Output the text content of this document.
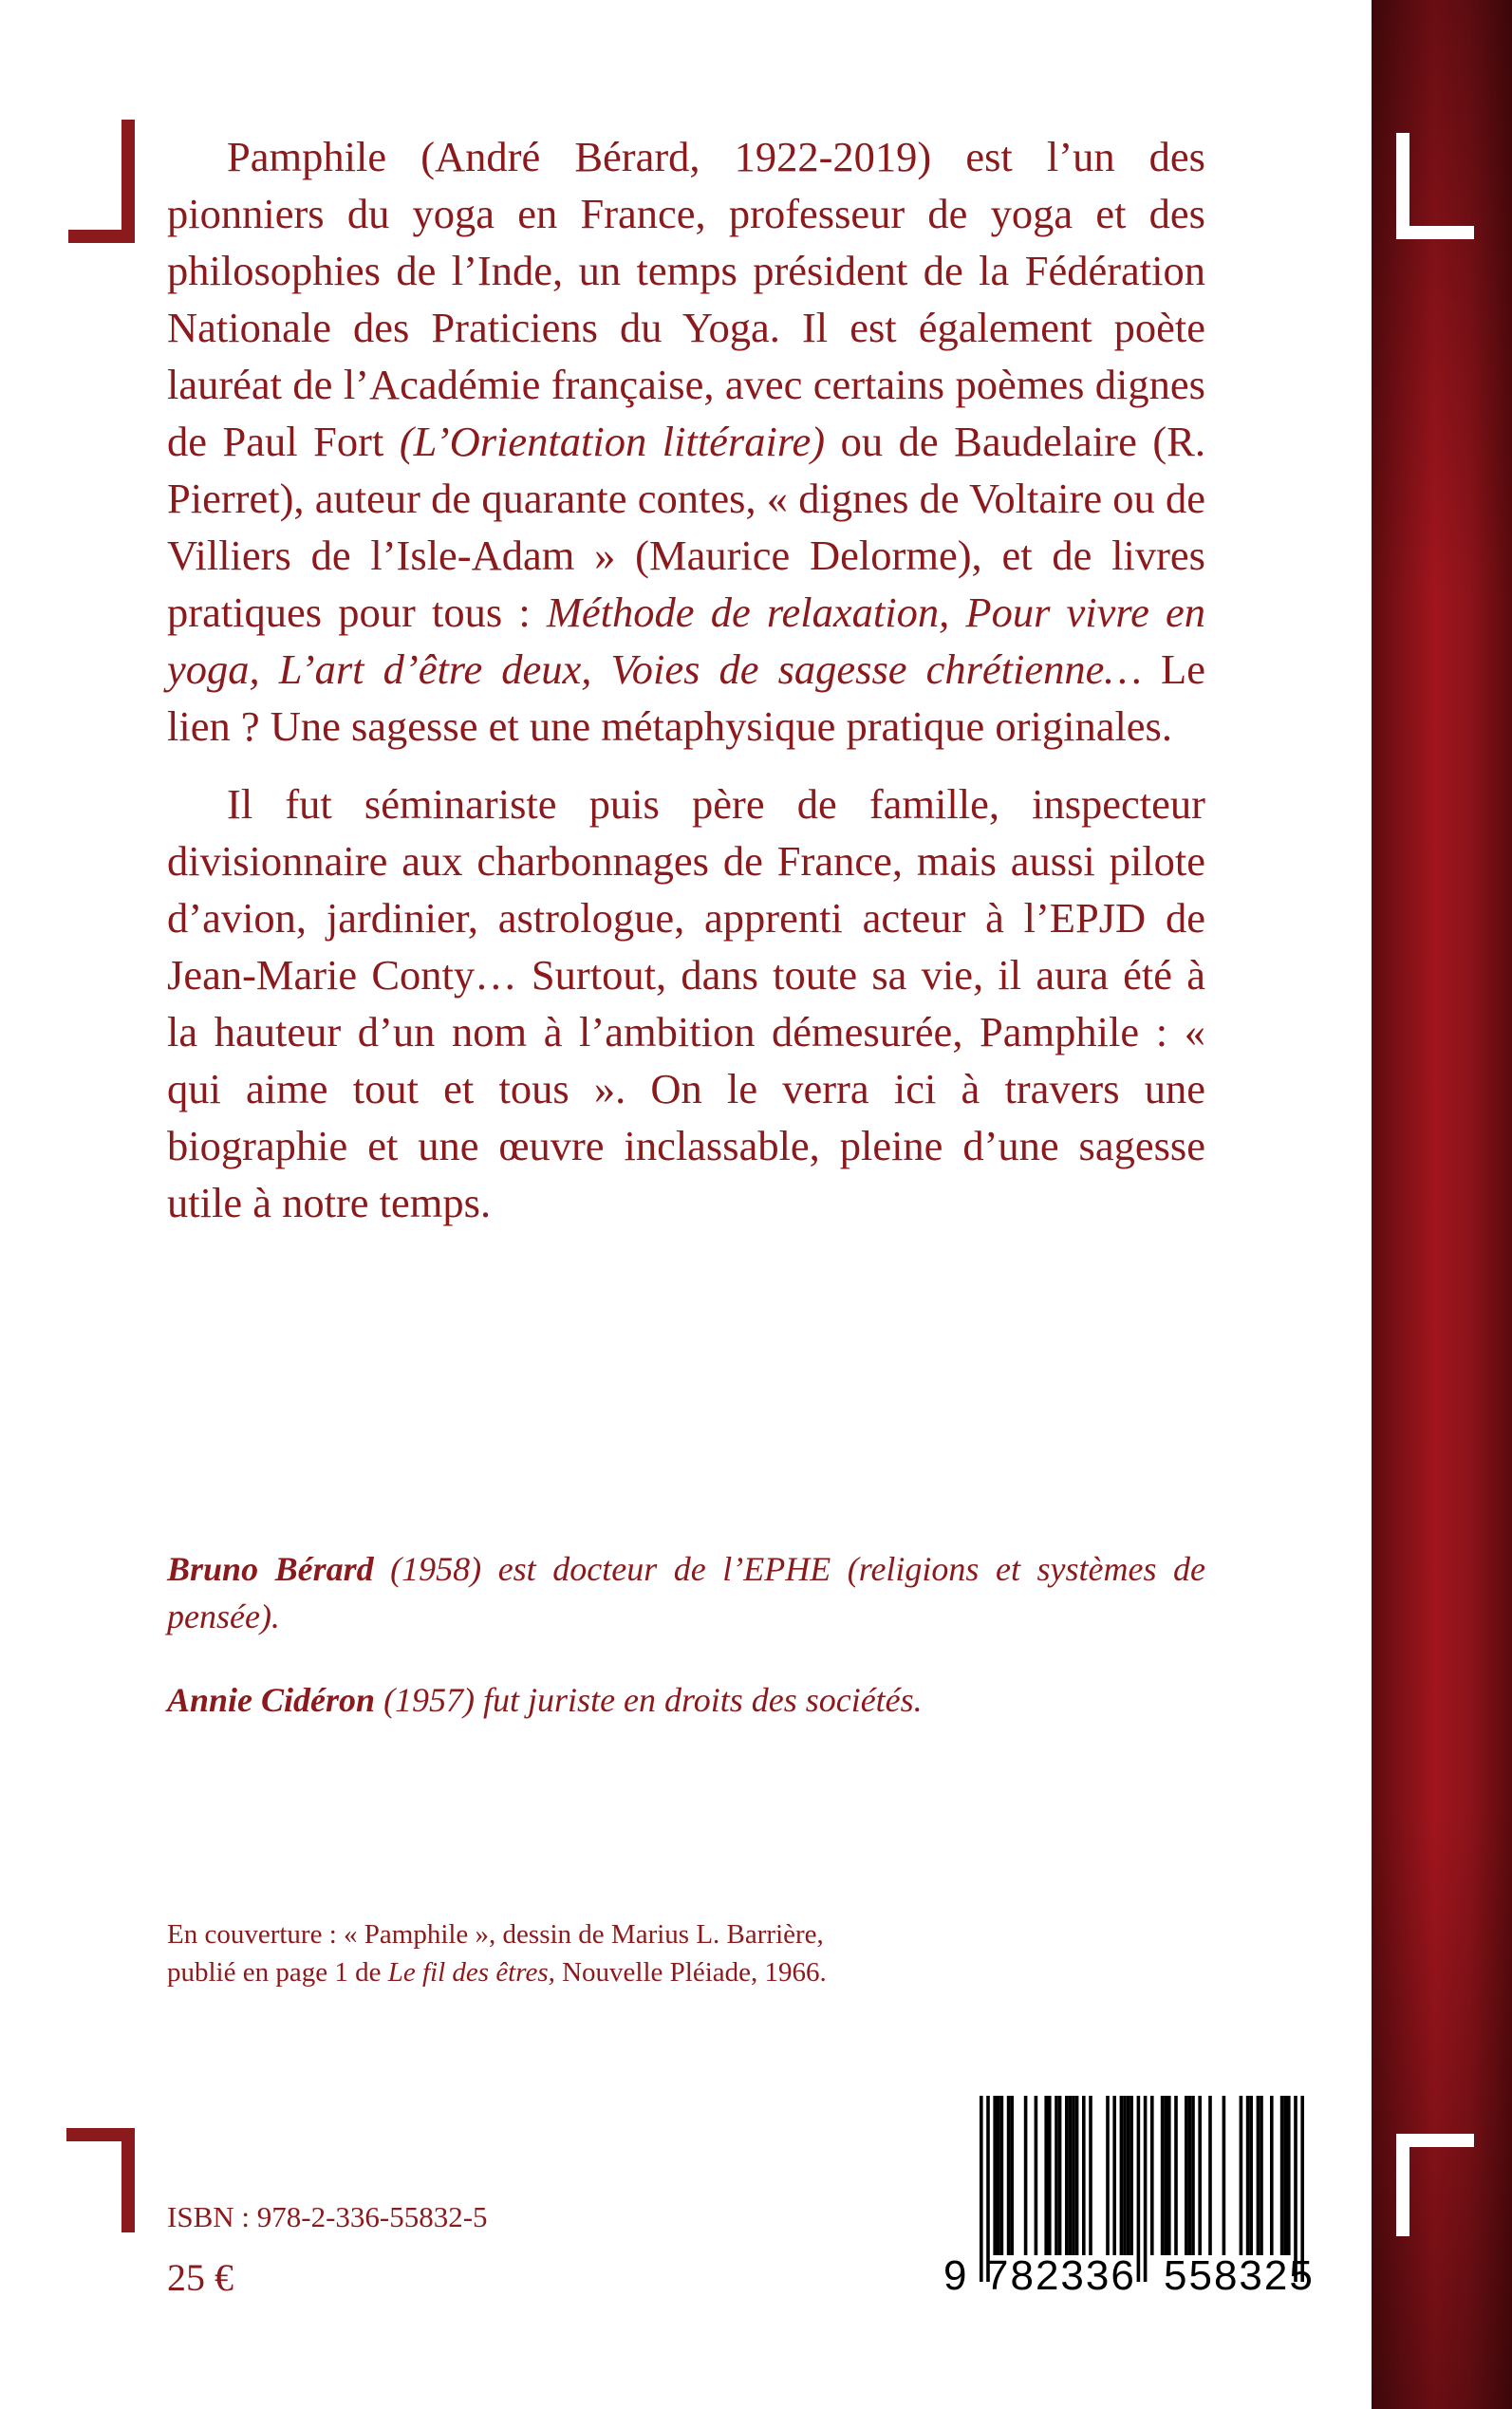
Pamphile (André Bérard, 1922-2019) est l’un des pionniers du yoga en France, professeur de yoga et des philosophies de l’Inde, un temps président de la Fédération Nationale des Praticiens du Yoga. Il est également poète lauréat de l’Académie française, avec certains poèmes dignes de Paul Fort (L’Orientation littéraire) ou de Baudelaire (R. Pierret), auteur de quarante contes, « dignes de Voltaire ou de Villiers de l’Isle-Adam » (Maurice Delorme), et de livres pratiques pour tous : Méthode de relaxation, Pour vivre en yoga, L’art d’être deux, Voies de sagesse chrétienne… Le lien ? Une sagesse et une métaphysique pratique originales.

Il fut séminariste puis père de famille, inspecteur divisionnaire aux charbonnages de France, mais aussi pilote d’avion, jardinier, astrologue, apprenti acteur à l’EPJD de Jean-Marie Conty… Surtout, dans toute sa vie, il aura été à la hauteur d’un nom à l’ambition démesurée, Pamphile : « qui aime tout et tous ». On le verra ici à travers une biographie et une œuvre inclassable, pleine d’une sagesse utile à notre temps.

Bruno Bérard (1958) est docteur de l’EPHE (religions et systèmes de pensée).

Annie Cidéron (1957) fut juriste en droits des sociétés.

En couverture : « Pamphile », dessin de Marius L. Barrière, publié en page 1 de Le fil des êtres, Nouvelle Pléiade, 1966.
ISBN : 978-2-336-55832-5
25 €	9 782336 558325
